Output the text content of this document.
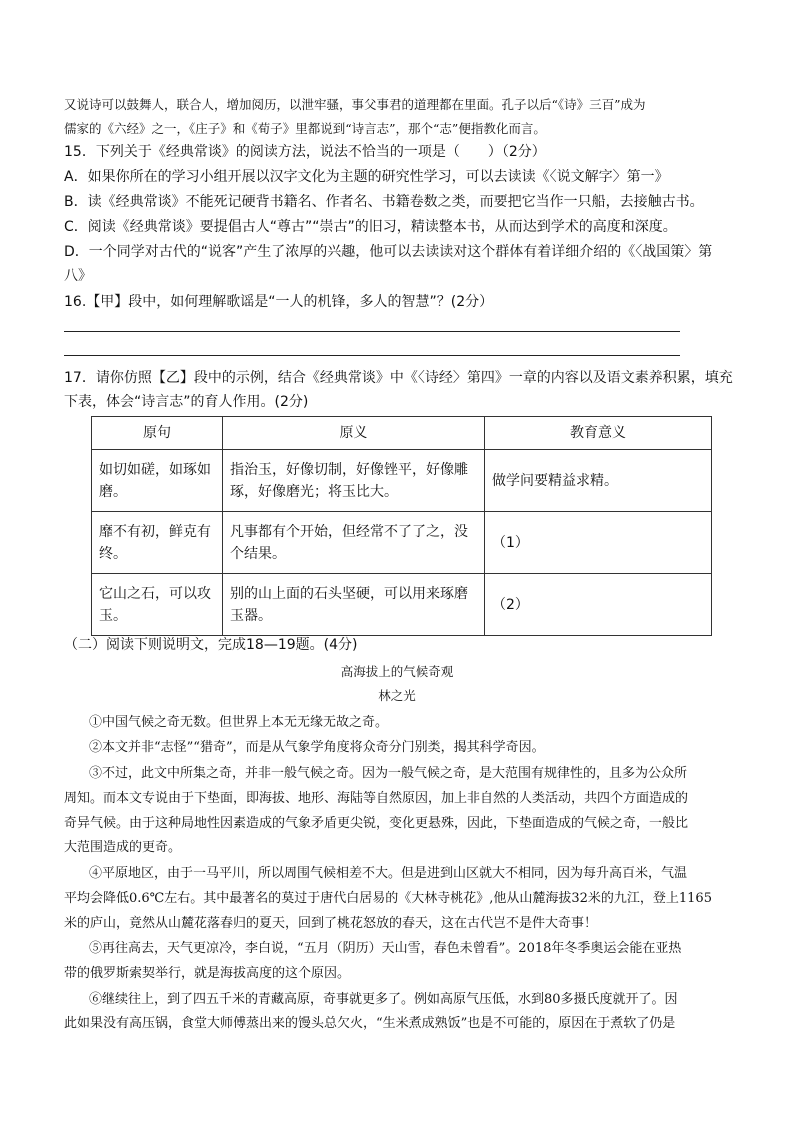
又说诗可以鼓舞人，联合人，增加阅历，以泄牢骚，事父事君的道理都在里面。孔子以后“《诗》三百”成为
儒家的《六经》之一，《庄子》和《荀子》里都说到“诗言志”，那个“志”便指教化而言。
15．下列关于《经典常谈》的阅读方法，说法不恰当的一项是（　　）（2分）
A．如果你所在的学习小组开展以汉字文化为主题的研究性学习，可以去读读《〈说文解字〉第一》
B．读《经典常谈》不能死记硬背书籍名、作者名、书籍卷数之类，而要把它当作一只船，去接触古书。
C．阅读《经典常谈》要提倡古人“尊古”“崇古”的旧习，精读整本书，从而达到学术的高度和深度。
D．一个同学对古代的“说客”产生了浓厚的兴趣，他可以去读读对这个群体有着详细介绍的《〈战国策〉第
八》
16.【甲】段中，如何理解歌谣是“一人的机锋，多人的智慧”？(2分）
17．请你仿照【乙】段中的示例，结合《经典常谈》中《〈诗经〉第四》一章的内容以及语文素养积累，填充
下表，体会“诗言志”的育人作用。(2分)
原句	原义	教育意义
如切如磋，如琢如磨。	指治玉，好像切制，好像锉平，好像雕琢，好像磨光；将玉比大。	做学问要精益求精。
靡不有初，鲜克有终。	凡事都有个开始，但经常不了了之，没个结果。	（1）
它山之石，可以攻玉。	别的山上面的石头坚硬，可以用来琢磨玉器。	（2）
（二）阅读下则说明文，完成18—19题。(4分)
高海拔上的气候奇观
林之光
①中国气候之奇无数。但世界上本无无缘无故之奇。
②本文并非“志怪”“猎奇”，而是从气象学角度将众奇分门别类，揭其科学奇因。
③不过，此文中所集之奇，并非一般气候之奇。因为一般气候之奇，是大范围有规律性的，且多为公众所
周知。而本文专说由于下垫面，即海拔、地形、海陆等自然原因，加上非自然的人类活动，共四个方面造成的
奇异气候。由于这种局地性因素造成的气象矛盾更尖锐，变化更悬殊，因此，下垫面造成的气候之奇，一般比
大范围造成的更奇。
④平原地区，由于一马平川，所以周围气候相差不大。但是进到山区就大不相同，因为每升高百米，气温
平均会降低0.6℃左右。其中最著名的莫过于唐代白居易的《大林寺桃花》,他从山麓海拔32米的九江，登上1165
米的庐山，竟然从山麓花落春归的夏天，回到了桃花怒放的春天，这在古代岂不是件大奇事！
⑤再往高去，天气更凉冷，李白说，“五月（阴历）天山雪，春色未曾看”。2018年冬季奥运会能在亚热
带的俄罗斯索契举行，就是海拔高度的这个原因。
⑥继续往上，到了四五千米的青藏高原，奇事就更多了。例如高原气压低，水到80多摄氏度就开了。因
此如果没有高压锅，食堂大师傅蒸出来的馒头总欠火，“生米煮成熟饭”也是不可能的，原因在于煮软了仍是
